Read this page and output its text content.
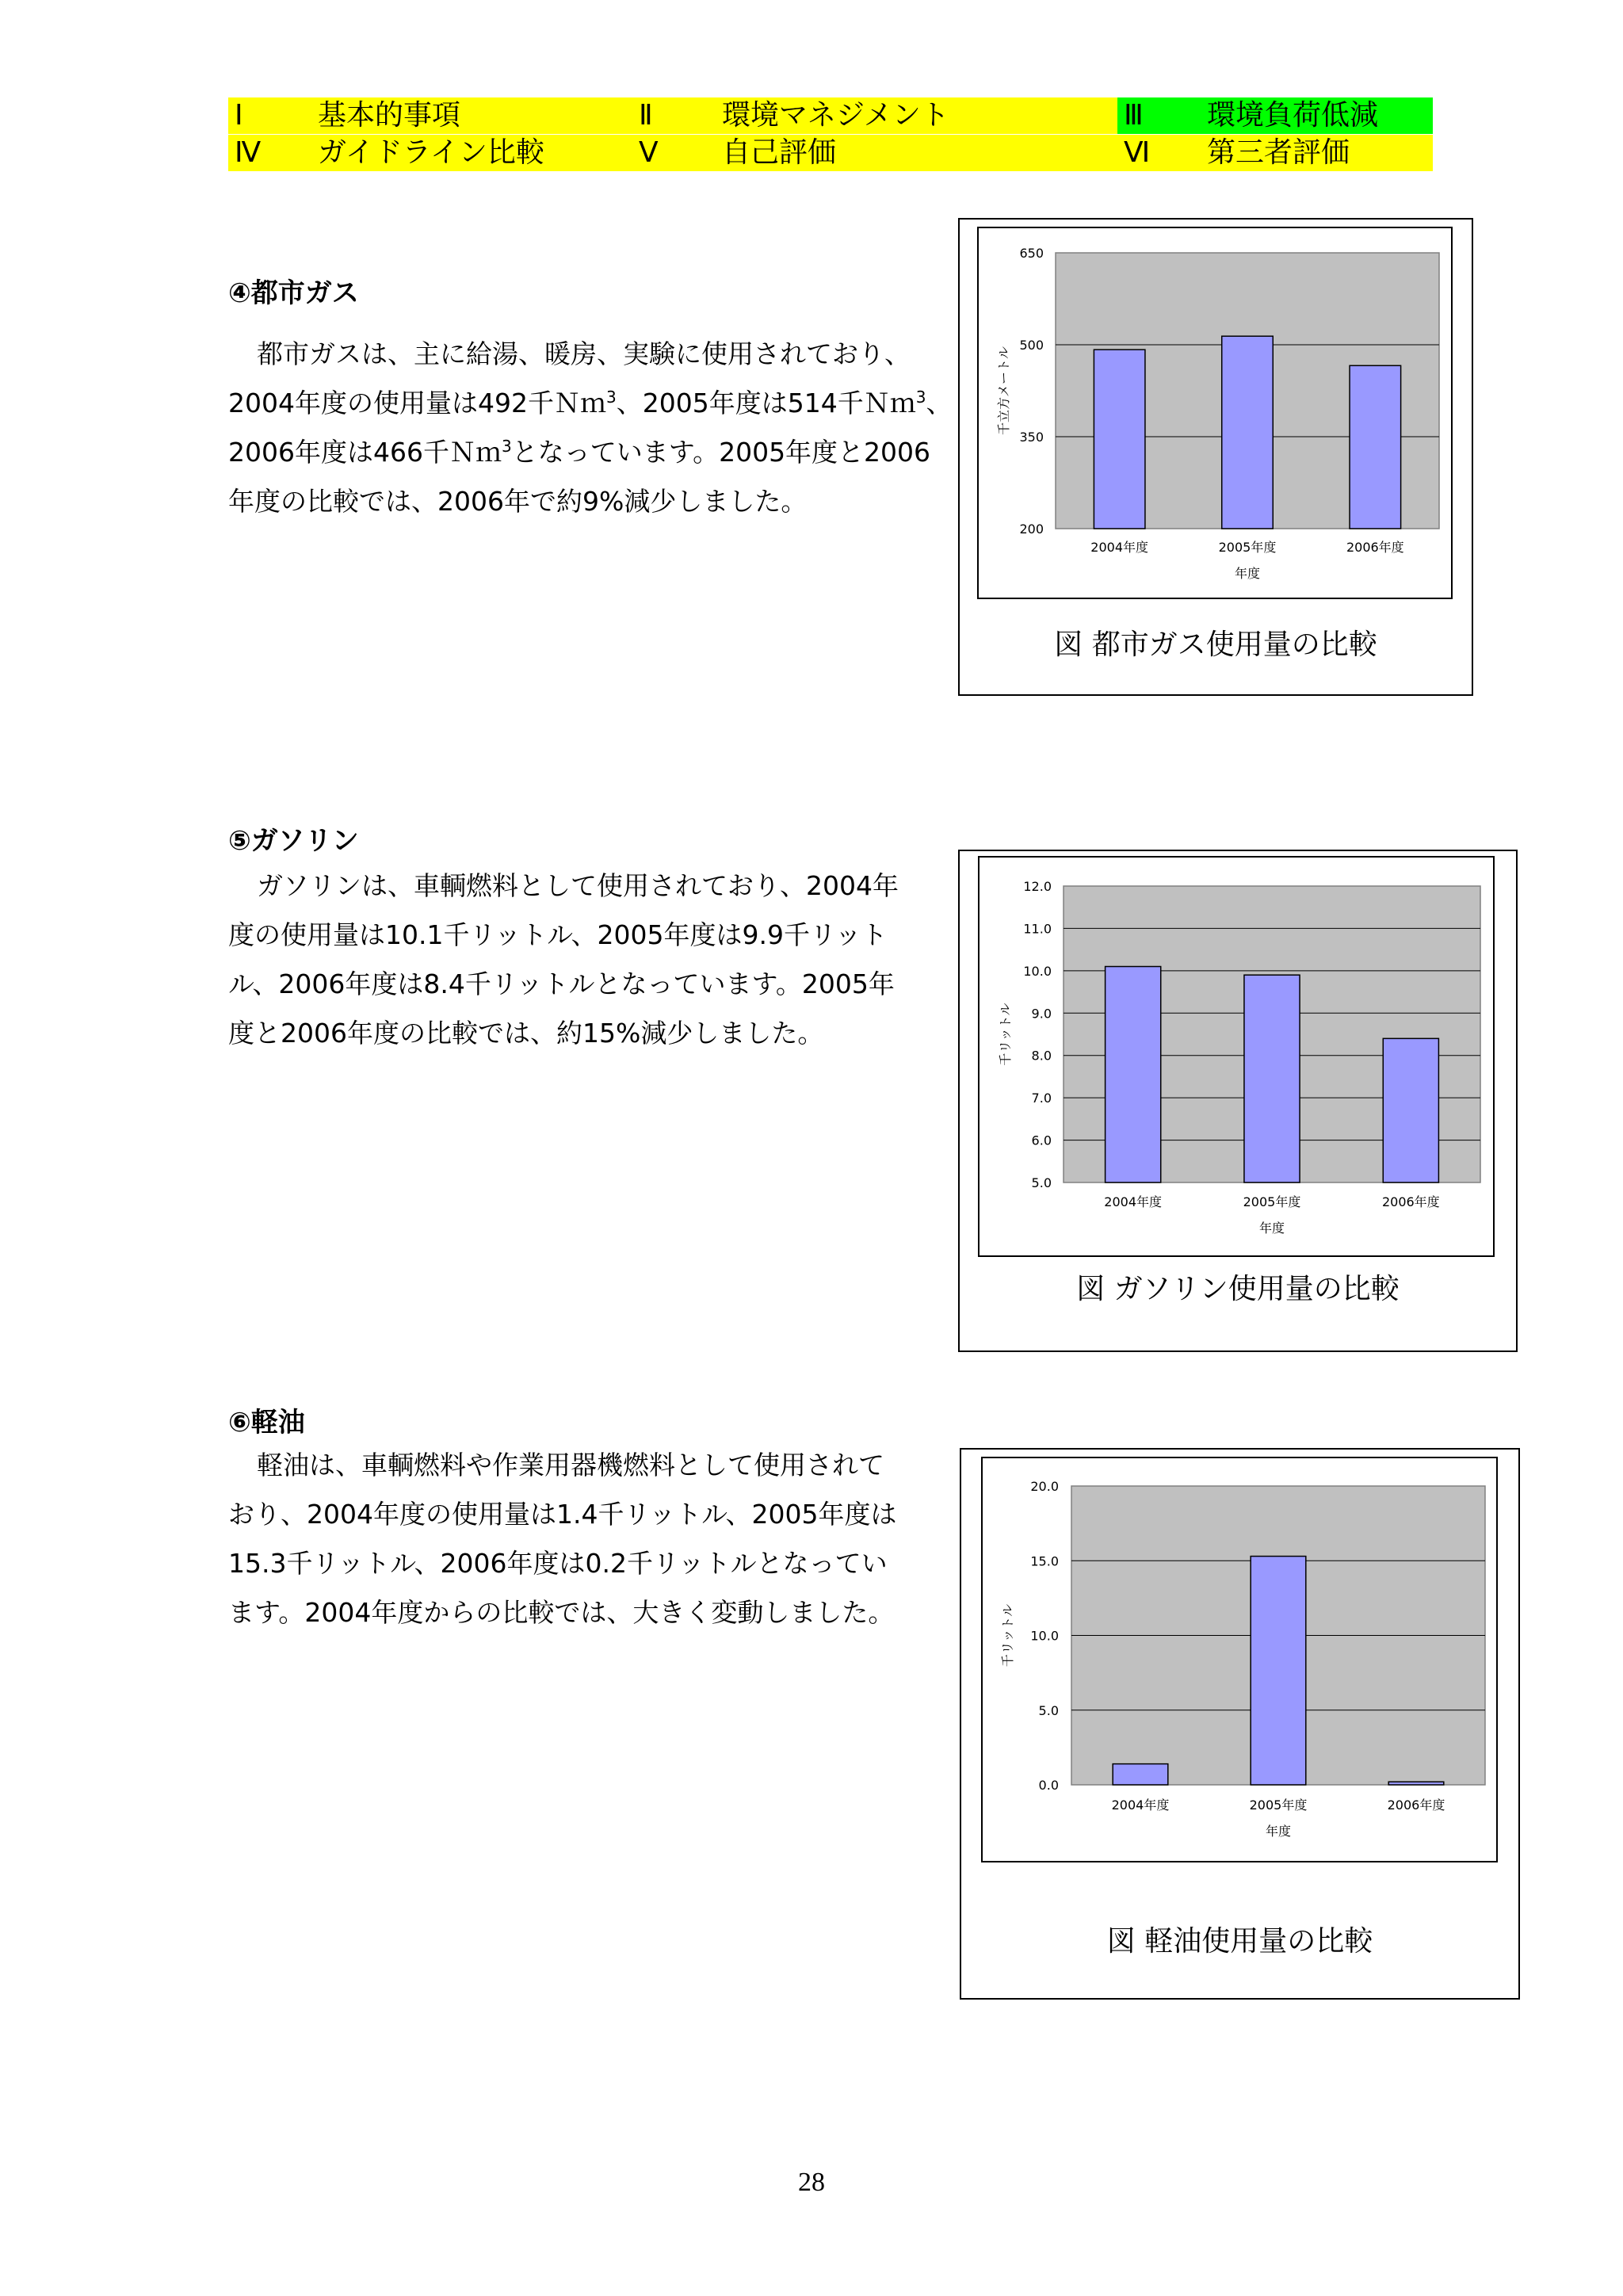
Ⅰ	基本的事項	Ⅱ 環境マネジメント	Ⅲ 環境負荷低減
Ⅳ ガイドライン比較	Ⅴ 自己評価	Ⅵ 第三者評価
④都市ガス

都市ガスは、主に給湯、暖房、実験に使用されており、

2004年度の使用量は492千Ｎｍ$^3$、2005年度は514千Ｎｍ$^3$、

2006年度は466千Ｎｍ$^3$となっています。2005年度と2006

年度の比較では、2006年で約9%減少しました。

200
350
500
650
2004年度	2005年度	2006年度
年度
千立方メートル
図 都市ガス使用量の比較
⑤ガソリン

ガソリンは、車輌燃料として使用されており、2004年

度の使用量は10.1千リットル、2005年度は9.9千リット

ル、2006年度は8.4千リットルとなっています。2005年

度と2006年度の比較では、約15%減少しました。

5.0
6.0
7.0
8.0
9.0
10.0
11.0
12.0
2004年度	2005年度	2006年度
年度
千リットル
図 ガソリン使用量の比較
⑥軽油

軽油は、車輌燃料や作業用器機燃料として使用されて

おり、2004年度の使用量は1.4千リットル、2005年度は

15.3千リットル、2006年度は0.2千リットルとなってい

ます。2004年度からの比較では、大きく変動しました。

0.0
5.0
10.0
15.0
20.0
2004年度	2005年度	2006年度
年度
千リットル
図 軽油使用量の比較
28
